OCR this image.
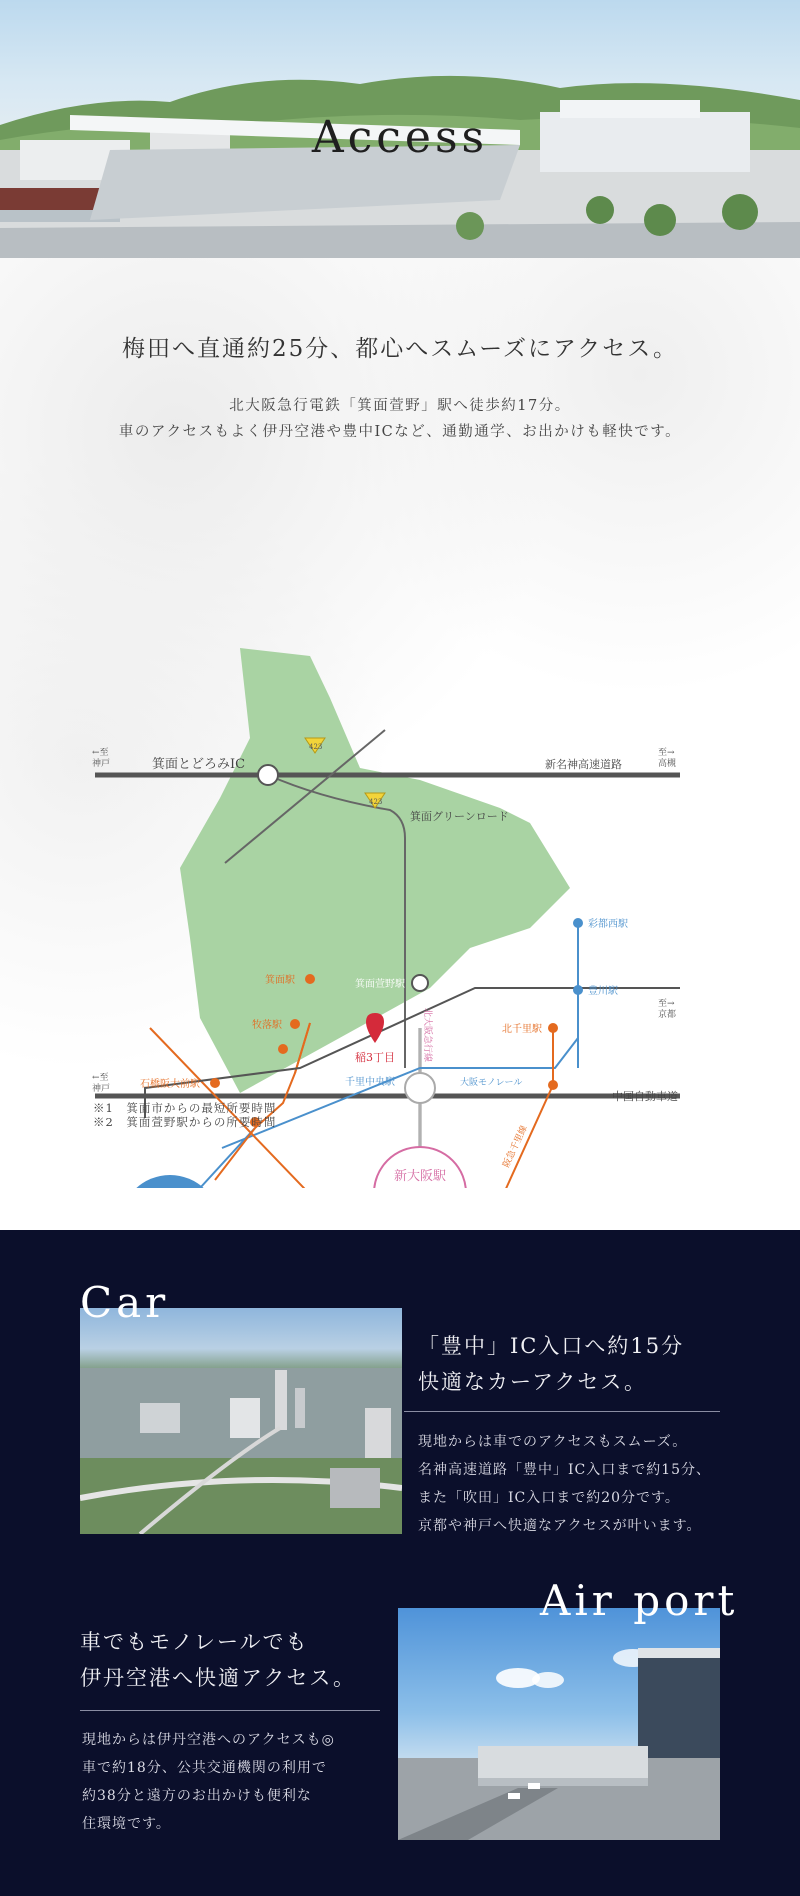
Access
梅田へ直通約25分、都心へスムーズにアクセス。
北大阪急行電鉄「箕面萱野」駅へ徒歩約17分。
車のアクセスもよく伊丹空港や豊中ICなど、通勤通学、お出かけも軽快です。
423
423
←至
神戸
至→
高槻
至→
京都
←至
神戸
箕面とどろみIC	新名神高速道路
箕面グリーンロード
彩都西駅
豊川駅
北千里駅
箕面駅
牧落駅
石橋阪大前駅	千里中央駅
箕面萱野駅
稲3丁目
中国自動車道
大阪モノレール
北大阪急行線
阪急千里線
新大阪駅
※1　箕面市からの最短所要時間
※2　箕面萱野駅からの所要時間
Car
「豊中」IC入口へ約15分
快適なカーアクセス。
現地からは車でのアクセスもスムーズ。
名神高速道路「豊中」IC入口まで約15分、
また「吹田」IC入口まで約20分です。
京都や神戸へ快適なアクセスが叶います。
車でもモノレールでも
伊丹空港へ快適アクセス。
現地からは伊丹空港へのアクセスも◎
車で約18分、公共交通機関の利用で
約38分と遠方のお出かけも便利な
住環境です。
Air port
